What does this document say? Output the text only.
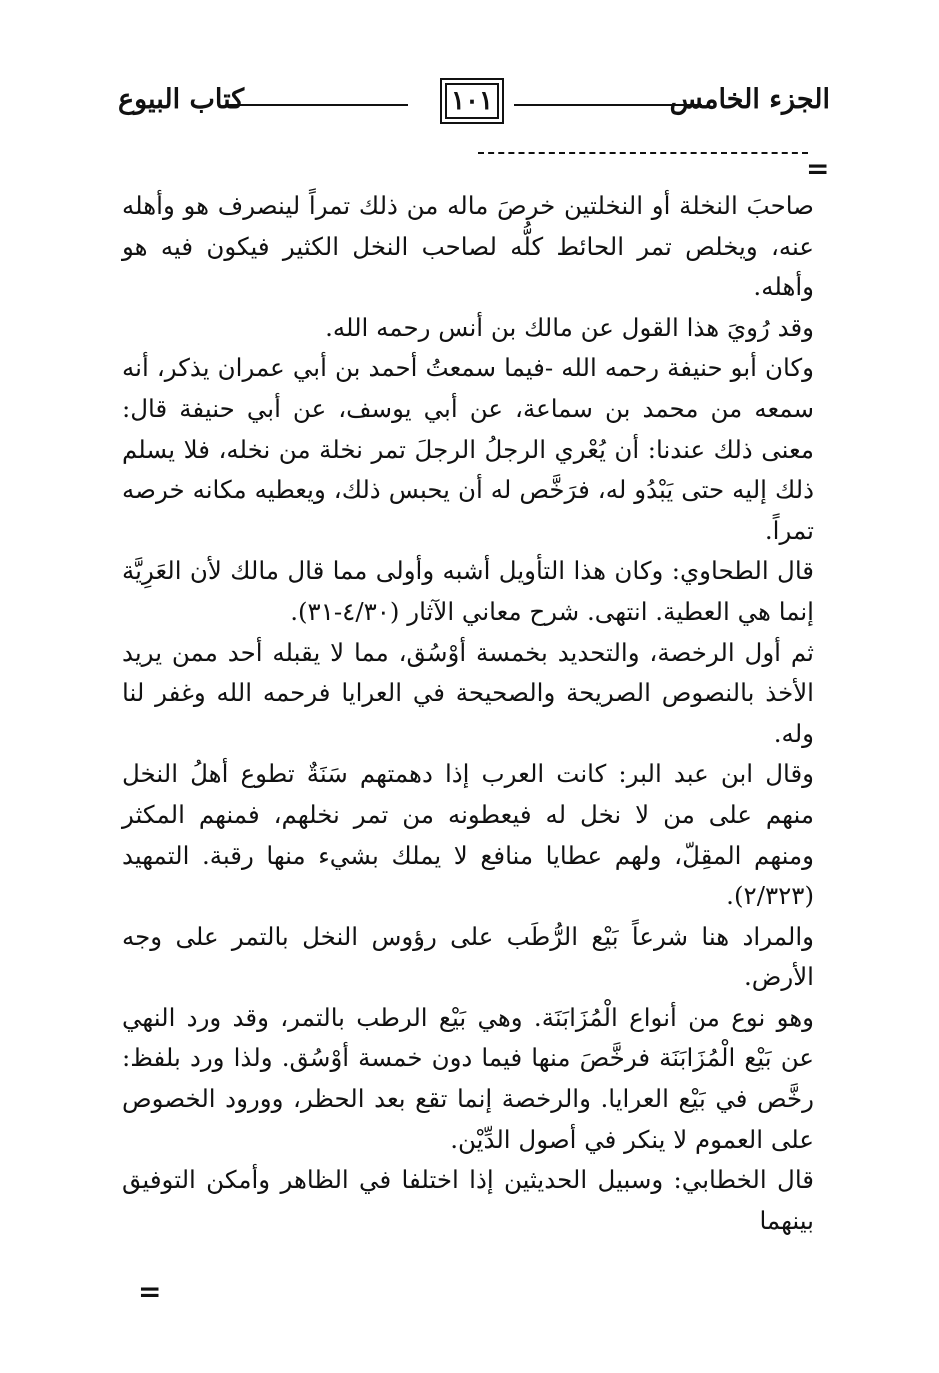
الجزء الخامس
١٠١
كتاب البيوع
=

صاحبَ النخلة أو النخلتين خرصَ ماله من ذلك تمراً لينصرف هو وأهله عنه، ويخلص تمر الحائط كلُّه لصاحب النخل الكثير فيكون فيه هو وأهله.

وقد رُويَ هذا القول عن مالك بن أنس رحمه الله.

وكان أبو حنيفة رحمه الله -فيما سمعتُ أحمد بن أبي عمران يذكر، أنه سمعه من محمد بن سماعة، عن أبي يوسف، عن أبي حنيفة قال: معنى ذلك عندنا: أن يُعْري الرجلُ الرجلَ تمر نخلة من نخله، فلا يسلم ذلك إليه حتى يَبْدُو له، فرَخَّص له أن يحبس ذلك، ويعطيه مكانه خرصه تمراً.

قال الطحاوي: وكان هذا التأويل أشبه وأولى مما قال مالك لأن العَرِيَّة إنما هي العطية. انتهى. شرح معاني الآثار (٤/٣٠-٣١).

ثم أول الرخصة، والتحديد بخمسة أوْسُق، مما لا يقبله أحد ممن يريد الأخذ بالنصوص الصريحة والصحيحة في العرايا فرحمه الله وغفر لنا وله.

وقال ابن عبد البر: كانت العرب إذا دهمتهم سَنَةٌ تطوع أهلُ النخل منهم على من لا نخل له فيعطونه من تمر نخلهم، فمنهم المكثر ومنهم المقِلّ، ولهم عطايا منافع لا يملك بشيء منها رقبة. التمهيد (٢/٣٢٣).

والمراد هنا شرعاً بَيْع الرُّطَب على رؤوس النخل بالتمر على وجه الأرض.

وهو نوع من أنواع الْمُزَابَنَة. وهي بَيْع الرطب بالتمر، وقد ورد النهي عن بَيْع الْمُزَابَنَة فرخَّصَ منها فيما دون خمسة أوْسُق. ولذا ورد بلفظ: رخَّص في بَيْع العرايا. والرخصة إنما تقع بعد الحظر، وورود الخصوص على العموم لا ينكر في أصول الدِّيْن.

قال الخطابي: وسبيل الحديثين إذا اختلفا في الظاهر وأمكن التوفيق بينهما

=
